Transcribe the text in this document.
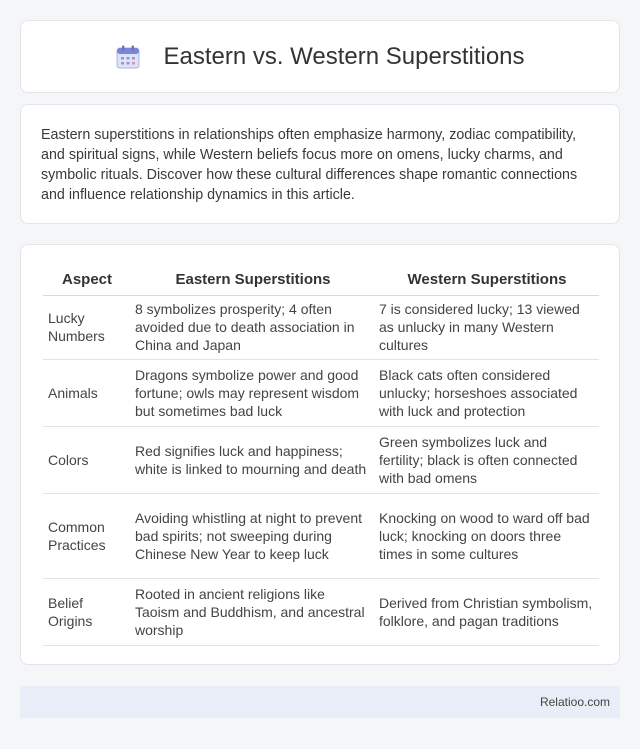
Eastern vs. Western Superstitions

Eastern superstitions in relationships often emphasize harmony, zodiac compatibility, and spiritual signs, while Western beliefs focus more on omens, lucky charms, and symbolic rituals. Discover how these cultural differences shape romantic connections and influence relationship dynamics in this article.

Aspect	Eastern Superstitions	Western Superstitions
Lucky Numbers	8 symbolizes prosperity; 4 often avoided due to death association in China and Japan	7 is considered lucky; 13 viewed as unlucky in many Western cultures
Animals	Dragons symbolize power and good fortune; owls may represent wisdom but sometimes bad luck	Black cats often considered unlucky; horseshoes associated with luck and protection
Colors	Red signifies luck and happiness; white is linked to mourning and death	Green symbolizes luck and fertility; black is often connected with bad omens
Common Practices	Avoiding whistling at night to prevent bad spirits; not sweeping during Chinese New Year to keep luck	Knocking on wood to ward off bad luck; knocking on doors three times in some cultures
Belief Origins	Rooted in ancient religions like Taoism and Buddhism, and ancestral worship	Derived from Christian symbolism, folklore, and pagan traditions
Relatioo.com
